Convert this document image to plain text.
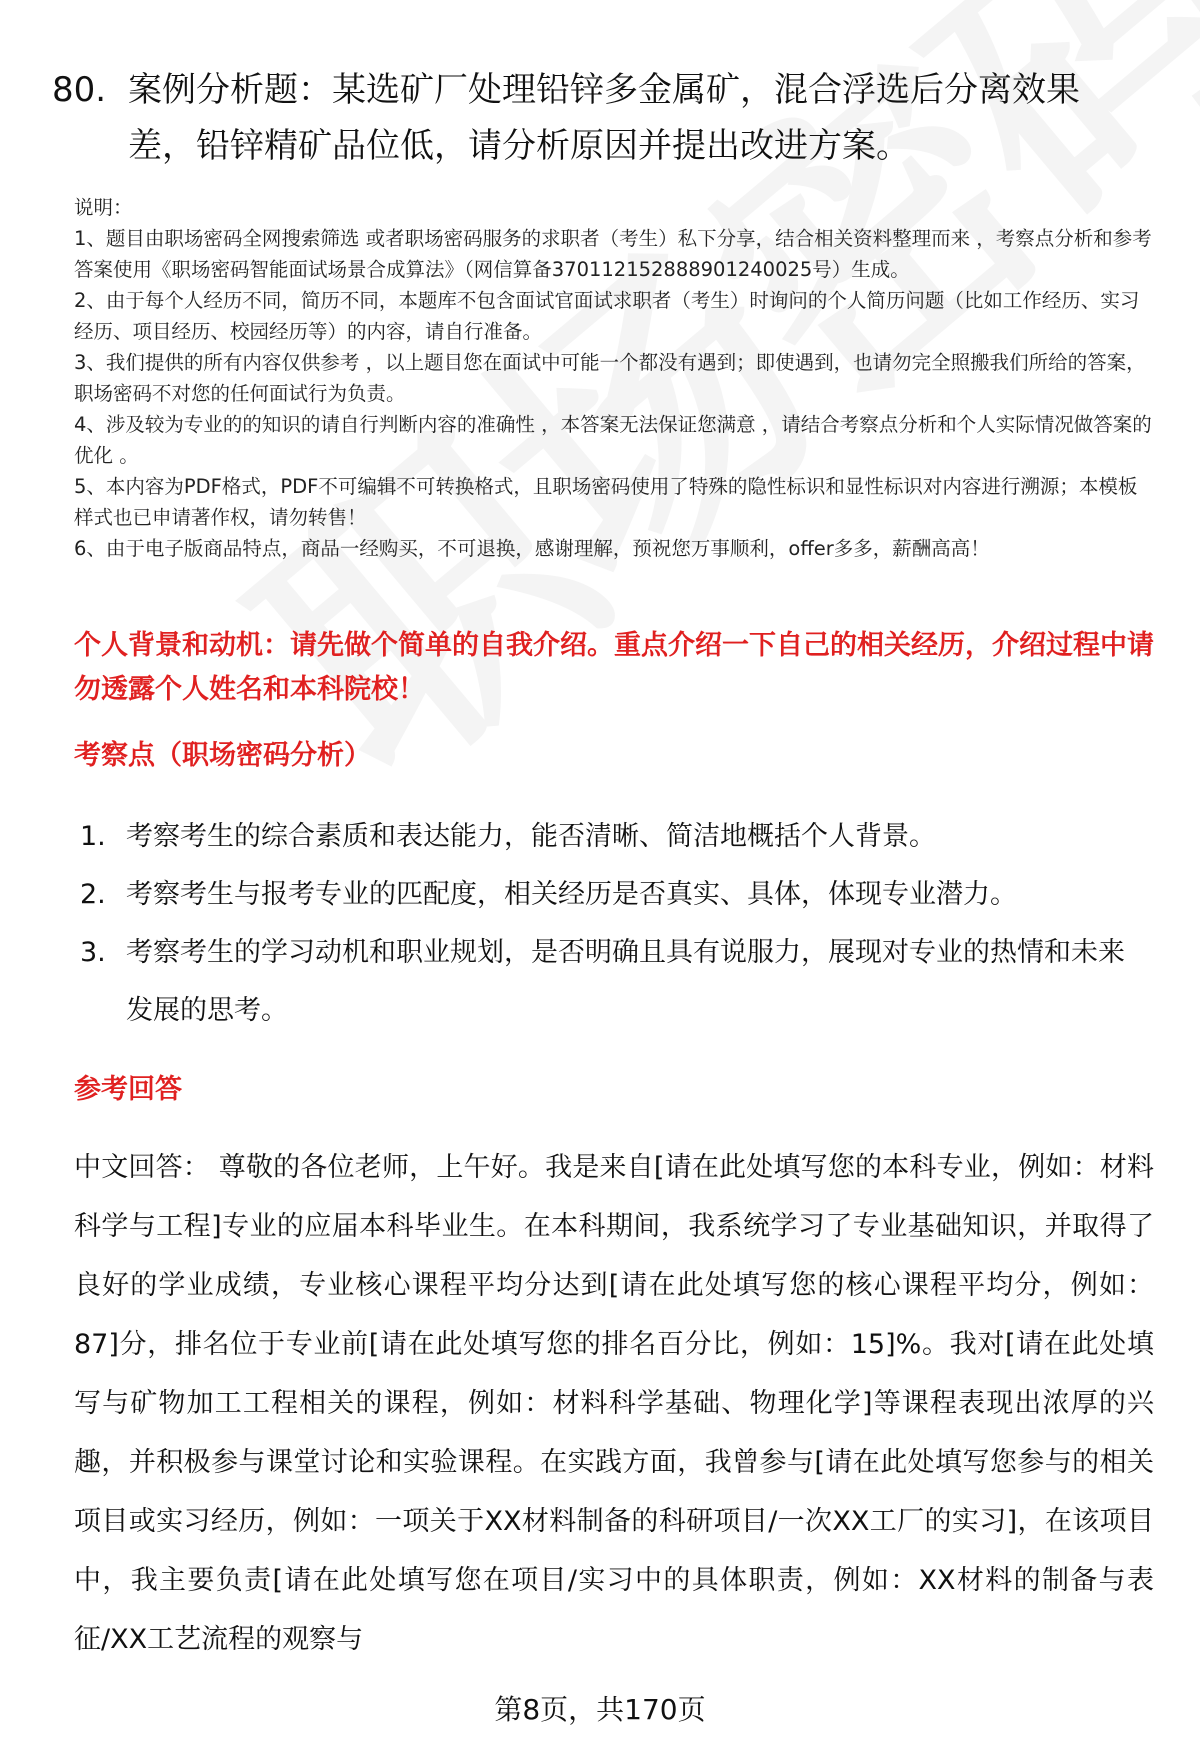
80. 案例分析题：某选矿厂处理铅锌多金属矿，混合浮选后分离效果差，铅锌精矿品位低，请分析原因并提出改进方案。

说明：

1、题目由职场密码全网搜索筛选 或者职场密码服务的求职者（考生）私下分享，结合相关资料整理而来 ，考察点分析和参考答案使用《职场密码智能面试场景合成算法》（网信算备370112152888901240025号）生成。

2、由于每个人经历不同，简历不同，本题库不包含面试官面试求职者（考生）时询问的个人简历问题（比如工作经历、实习经历、项目经历、校园经历等）的内容，请自行准备。

3、我们提供的所有内容仅供参考 ，以上题目您在面试中可能一个都没有遇到；即使遇到，也请勿完全照搬我们所给的答案，职场密码不对您的任何面试行为负责。

4、涉及较为专业的的知识的请自行判断内容的准确性 ，本答案无法保证您满意 ，请结合考察点分析和个人实际情况做答案的优化 。

5、本内容为PDF格式，PDF不可编辑不可转换格式，且职场密码使用了特殊的隐性标识和显性标识对内容进行溯源；本模板样式也已申请著作权，请勿转售！

6、由于电子版商品特点，商品一经购买，不可退换，感谢理解，预祝您万事顺利，offer多多，薪酬高高！

个人背景和动机：请先做个简单的自我介绍。重点介绍一下自己的相关经历，介绍过程中请勿透露个人姓名和本科院校！
考察点（职场密码分析）
1. 考察考生的综合素质和表达能力，能否清晰、简洁地概括个人背景。
2. 考察考生与报考专业的匹配度，相关经历是否真实、具体，体现专业潜力。
3. 考察考生的学习动机和职业规划，是否明确且具有说服力，展现对专业的热情和未来发展的思考。
参考回答
中文回答： 尊敬的各位老师，上午好。我是来自[请在此处填写您的本科专业，例如：材料科学与工程]专业的应届本科毕业生。在本科期间，我系统学习了专业基础知识，并取得了良好的学业成绩，专业核心课程平均分达到[请在此处填写您的核心课程平均分，例如：87]分，排名位于专业前[请在此处填写您的排名百分比，例如：15]%。我对[请在此处填写与矿物加工工程相关的课程，例如：材料科学基础、物理化学]等课程表现出浓厚的兴趣，并积极参与课堂讨论和实验课程。在实践方面，我曾参与[请在此处填写您参与的相关项目或实习经历，例如：一项关于XX材料制备的科研项目/一次XX工厂的实习]，在该项目中，我主要负责[请在此处填写您在项目/实习中的具体职责，例如：XX材料的制备与表征/XX工艺流程的观察与
第8页，共170页
